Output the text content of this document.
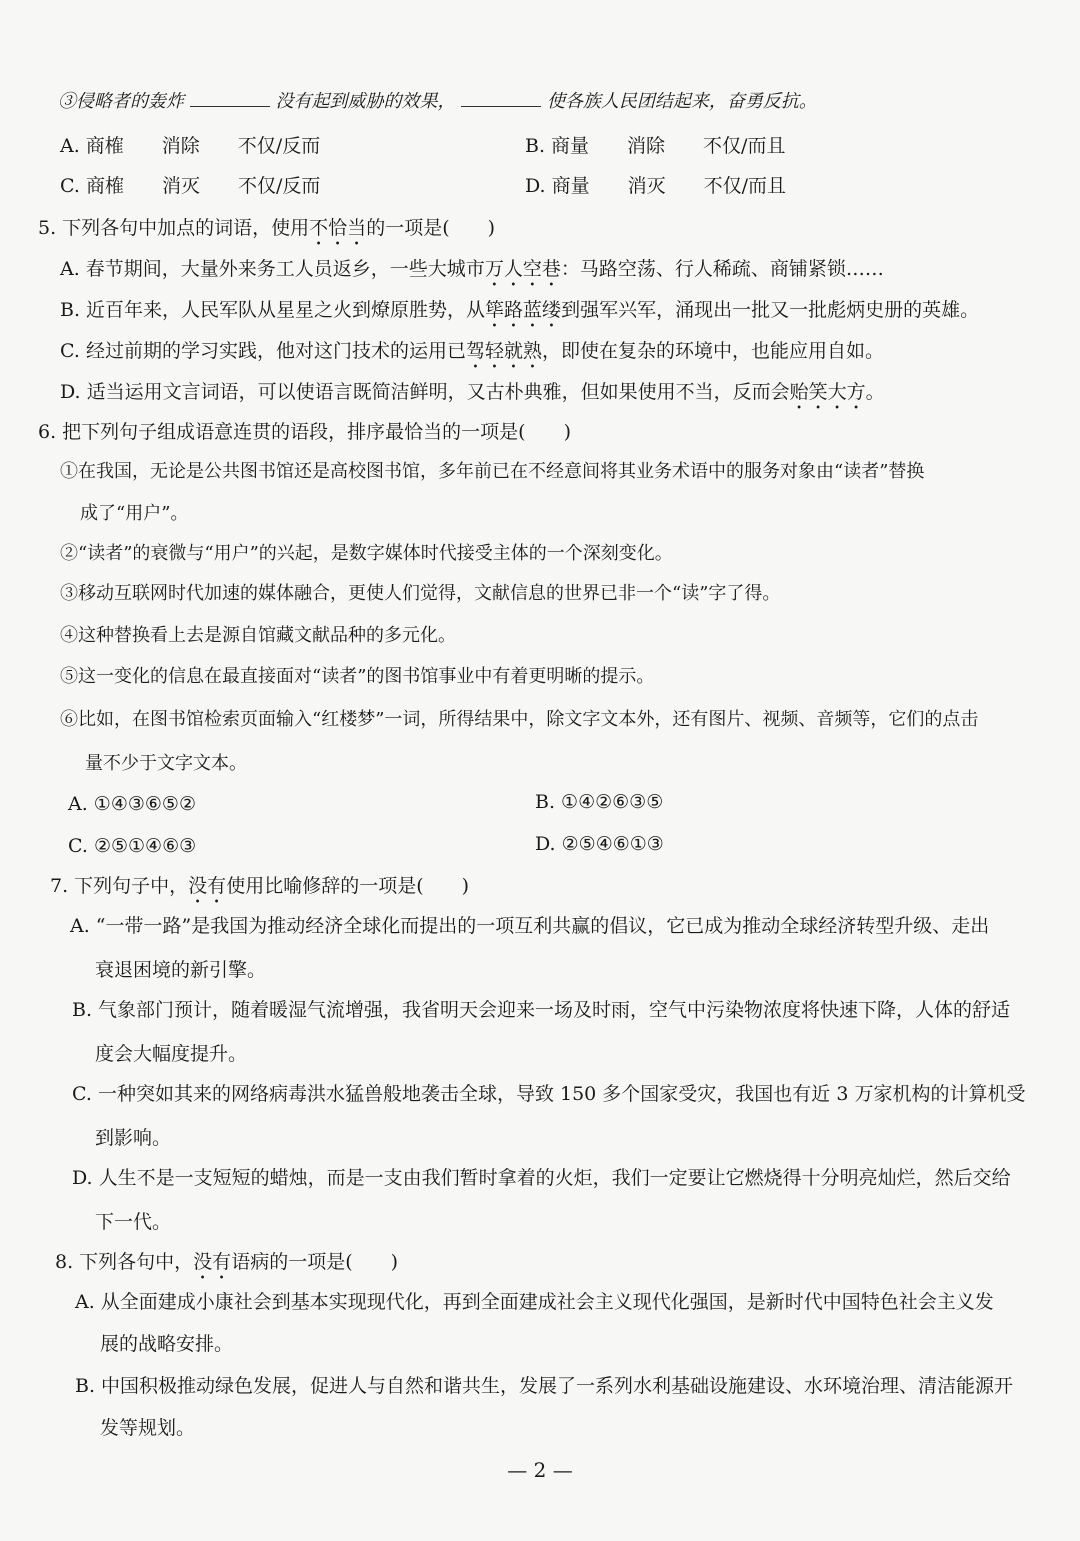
③侵略者的轰炸	没有起到威胁的效果，	使各族人民团结起来，奋勇反抗。
A. 商榷　　消除　　不仅/反而	B. 商量　　消除　　不仅/而且
C. 商榷　　消灭　　不仅/反而	D. 商量　　消灭　　不仅/而且
5. 下列各句中加点的词语，使用不恰当的一项是(　　)
A. 春节期间，大量外来务工人员返乡，一些大城市万人空巷：马路空荡、行人稀疏、商铺紧锁……
B. 近百年来，人民军队从星星之火到燎原胜势，从筚路蓝缕到强军兴军，涌现出一批又一批彪炳史册的英雄。
C. 经过前期的学习实践，他对这门技术的运用已驾轻就熟，即使在复杂的环境中，也能应用自如。
D. 适当运用文言词语，可以使语言既简洁鲜明，又古朴典雅，但如果使用不当，反而会贻笑大方。
6. 把下列句子组成语意连贯的语段，排序最恰当的一项是(　　)
①在我国，无论是公共图书馆还是高校图书馆，多年前已在不经意间将其业务术语中的服务对象由“读者”替换
成了“用户”。
②“读者”的衰微与“用户”的兴起，是数字媒体时代接受主体的一个深刻变化。
③移动互联网时代加速的媒体融合，更使人们觉得，文献信息的世界已非一个“读”字了得。
④这种替换看上去是源自馆藏文献品种的多元化。
⑤这一变化的信息在最直接面对“读者”的图书馆事业中有着更明晰的提示。
⑥比如，在图书馆检索页面输入“红楼梦”一词，所得结果中，除文字文本外，还有图片、视频、音频等，它们的点击
量不少于文字文本。
A. ①④③⑥⑤②	B. ①④②⑥③⑤
C. ②⑤①④⑥③	D. ②⑤④⑥①③
7. 下列句子中，没有使用比喻修辞的一项是(　　)
A. “一带一路”是我国为推动经济全球化而提出的一项互利共赢的倡议，它已成为推动全球经济转型升级、走出
衰退困境的新引擎。
B. 气象部门预计，随着暖湿气流增强，我省明天会迎来一场及时雨，空气中污染物浓度将快速下降，人体的舒适
度会大幅度提升。
C. 一种突如其来的网络病毒洪水猛兽般地袭击全球，导致 150 多个国家受灾，我国也有近 3 万家机构的计算机受
到影响。
D. 人生不是一支短短的蜡烛，而是一支由我们暂时拿着的火炬，我们一定要让它燃烧得十分明亮灿烂，然后交给
下一代。
8. 下列各句中，没有语病的一项是(　　)
A. 从全面建成小康社会到基本实现现代化，再到全面建成社会主义现代化强国，是新时代中国特色社会主义发
展的战略安排。
B. 中国积极推动绿色发展，促进人与自然和谐共生，发展了一系列水利基础设施建设、水环境治理、清洁能源开
发等规划。
— 2 —
